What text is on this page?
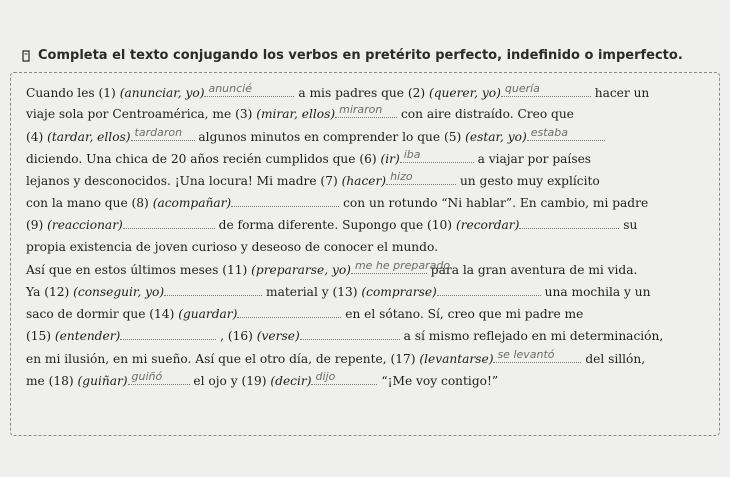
Completa el texto conjugando los verbos en pretérito perfecto, indefinido o imperfecto.
Cuando les (1) (anunciar, yo) anuncié	a mis padres que (2) (querer, yo) quería	hacer un
viaje sola por Centroamérica, me (3) (mirar, ellos) miraron con aire distraído. Creo que
(4) (tardar, ellos) tardaron algunos minutos en comprender lo que (5) (estar, yo) estaba
diciendo. Una chica de 20 años recién cumplidos que (6) (ir) iba	a viajar por países
lejanos y desconocidos. ¡Una locura! Mi madre (7) (hacer) hizo	un gesto muy explícito
con la mano que (8) (acompañar)	con un rotundo “Ni hablar”. En cambio, mi padre
(9) (reaccionar)	de forma diferente. Supongo que (10) (recordar)	su
propia existencia de joven curioso y deseoso de conocer el mundo.
Así que en estos últimos meses (11) (prepararse, yo) me he preparado
para la gran aventura de mi vida.
Ya (12) (conseguir, yo)	material y (13) (comprarse)	una mochila y un
saco de dormir que (14) (guardar)	en el sótano. Sí, creo que mi padre me
(15) (entender)	, (16) (verse)	a sí mismo reflejado en mi determinación,
en mi ilusión, en mi sueño. Así que el otro día, de repente, (17) (levantarse) se levantó del sillón,
me (18) (guiñar) guiñó el ojo y (19) (decir) dijo	“¡Me voy contigo!”
